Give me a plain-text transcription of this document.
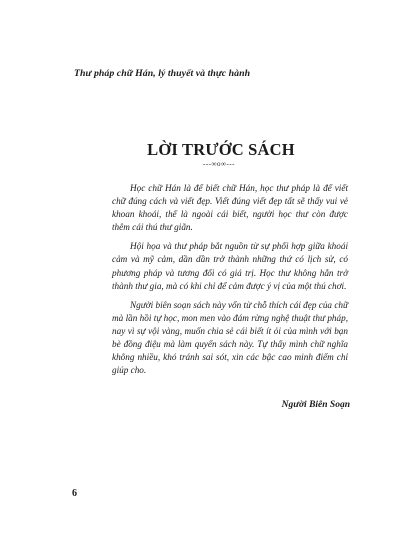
Thư pháp chữ Hán, lý thuyết và thực hành
LỜI TRƯỚC SÁCH
---∞o∞---

Học chữ Hán là để biết chữ Hán, học thư pháp là để viết chữ đúng cách và viết đẹp. Viết đúng viết đẹp tất sẽ thấy vui vẻ khoan khoái, thế là ngoài cái biết, người học thư còn được thêm cái thú thư giãn.

Hội họa và thư pháp bắt nguồn từ sự phối hợp giữa khoái cảm và mỹ cảm, dần dần trở thành những thứ có lịch sử, có phương pháp và tương đối có giá trị. Học thư không hẳn trở thành thư gia, mà có khi chỉ để cảm được ý vị của một thú chơi.

Người biên soạn sách này vốn từ chỗ thích cái đẹp của chữ mà lần hồi tự học, mon men vào đám rừng nghệ thuật thư pháp, nay vì sự vội vàng, muốn chia sẻ cái biết ít ỏi của mình với bạn bè đồng điệu mà làm quyển sách này. Tự thấy mình chữ nghĩa không nhiều, khó tránh sai sót, xin các bậc cao minh điểm chỉ giúp cho.

Người Biên Soạn
6
